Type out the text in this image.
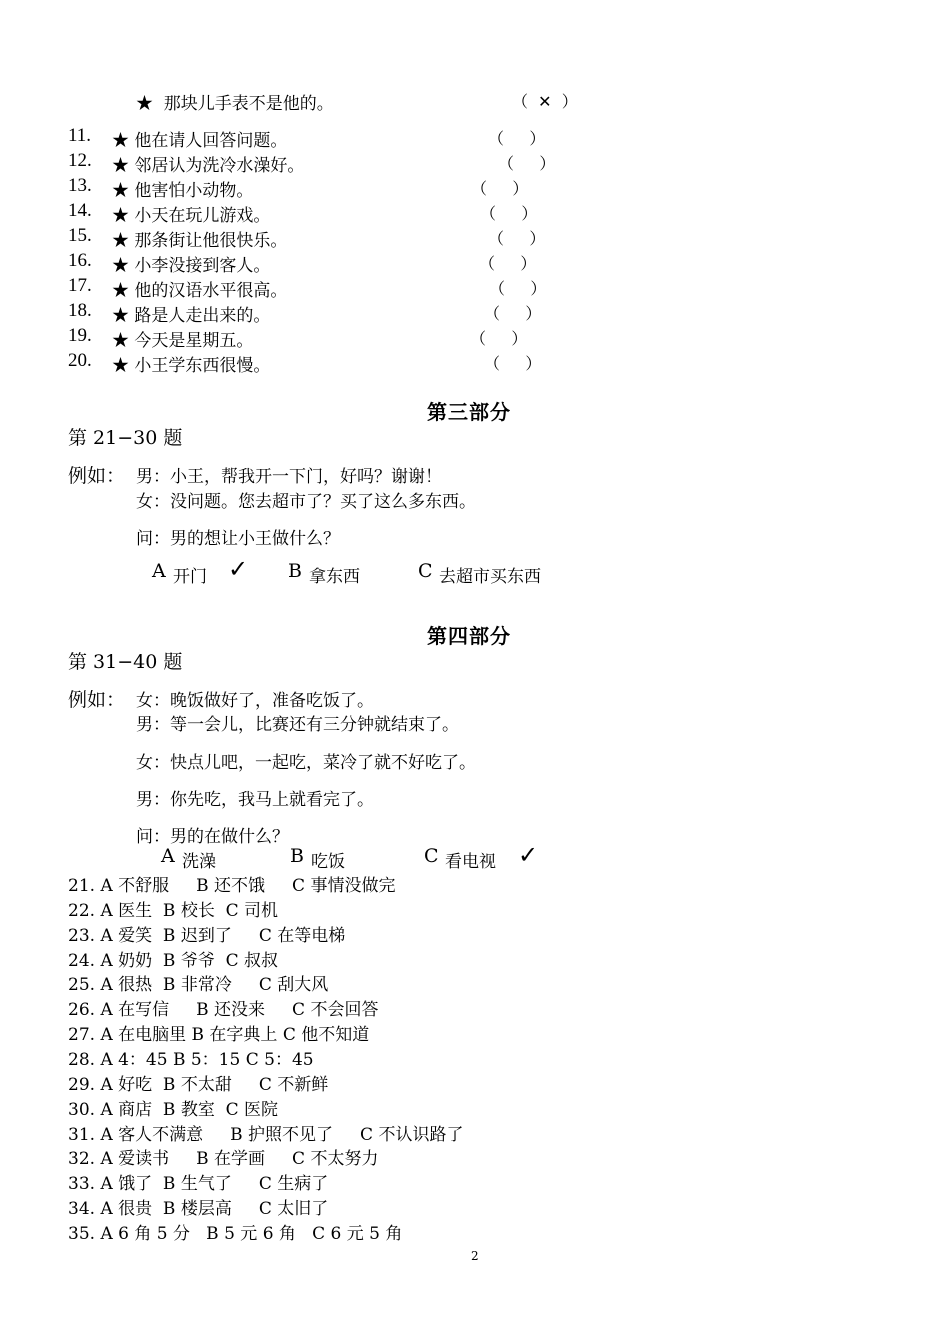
★  那块儿手表不是他的。	（  ✕  ）
11. ★ 他在请人回答问题。	（     ）
12. ★ 邻居认为洗冷水澡好。	（     ）
13. ★ 他害怕小动物。	（     ）
14. ★ 小天在玩儿游戏。	（     ）
15. ★ 那条街让他很快乐。	（     ）
16. ★ 小李没接到客人。	（     ）
17. ★ 他的汉语水平很高。	（     ）
18. ★ 路是人走出来的。	（     ）
19. ★ 今天是星期五。	（     ）
20. ★ 小王学东西很慢。	（     ）
第三部分
第 21−30 题
例如： 男：小王，帮我开一下门，好吗？谢谢！
女：没问题。您去超市了？买了这么多东西。
问：男的想让小王做什么？
A 开门 ✓ B 拿东西	C 去超市买东西
第四部分
第 31−40 题
例如： 女：晚饭做好了，准备吃饭了。
男：等一会儿，比赛还有三分钟就结束了。
女：快点儿吧，一起吃，菜冷了就不好吃了。
男：你先吃，我马上就看完了。
问：男的在做什么？
A 洗澡	B 吃饭	C 看电视 ✓
21. A 不舒服     B 还不饿     C 事情没做完
22. A 医生  B 校长  C 司机
23. A 爱笑  B 迟到了     C 在等电梯
24. A 奶奶  B 爷爷  C 叔叔
25. A 很热  B 非常冷     C 刮大风
26. A 在写信     B 还没来     C 不会回答
27. A 在电脑里 B 在字典上 C 他不知道
28. A 4：45 B 5：15 C 5：45
29. A 好吃  B 不太甜     C 不新鲜
30. A 商店  B 教室  C 医院
31. A 客人不满意     B 护照不见了     C 不认识路了
32. A 爱读书     B 在学画     C 不太努力
33. A 饿了  B 生气了     C 生病了
34. A 很贵  B 楼层高     C 太旧了
35. A 6 角 5 分   B 5 元 6 角   C 6 元 5 角
2
